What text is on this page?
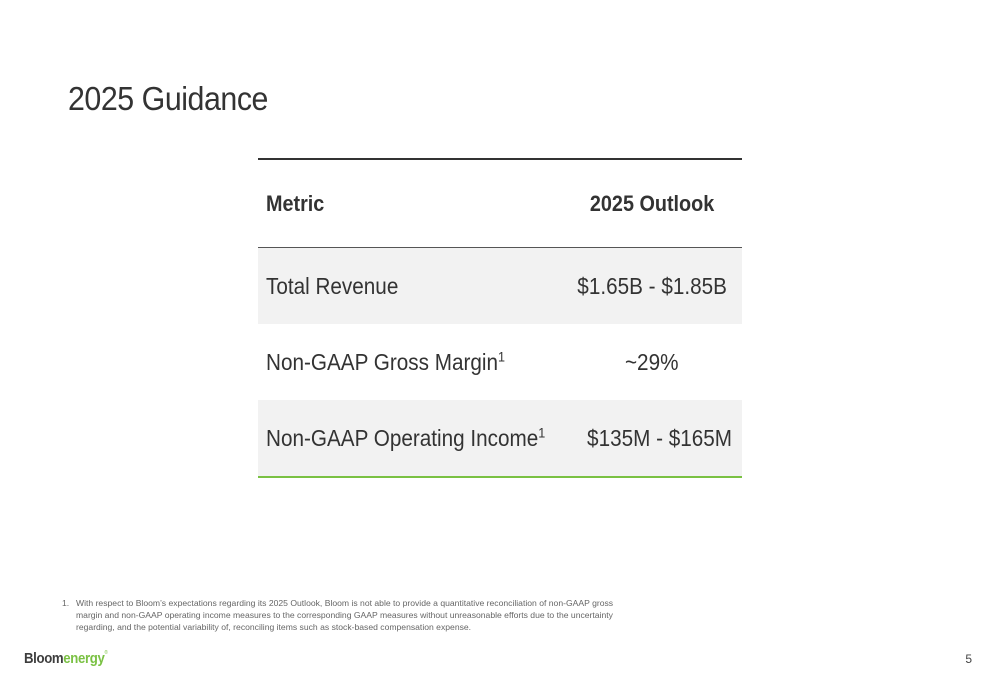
2025 Guidance
Metric	2025 Outlook
Total Revenue	$1.65B - $1.85B
Non-GAAP Gross Margin$^1$	~29%
Non-GAAP Operating Income$^1$	$135M - $165M
1. With respect to Bloom’s expectations regarding its 2025 Outlook, Bloom is not able to provide a quantitative reconciliation of non-GAAP gross margin and non-GAAP operating income measures to the corresponding GAAP measures without unreasonable efforts due to the uncertainty regarding, and the potential variability of, reconciling items such as stock-based compensation expense.
Bloomenergy®	5
